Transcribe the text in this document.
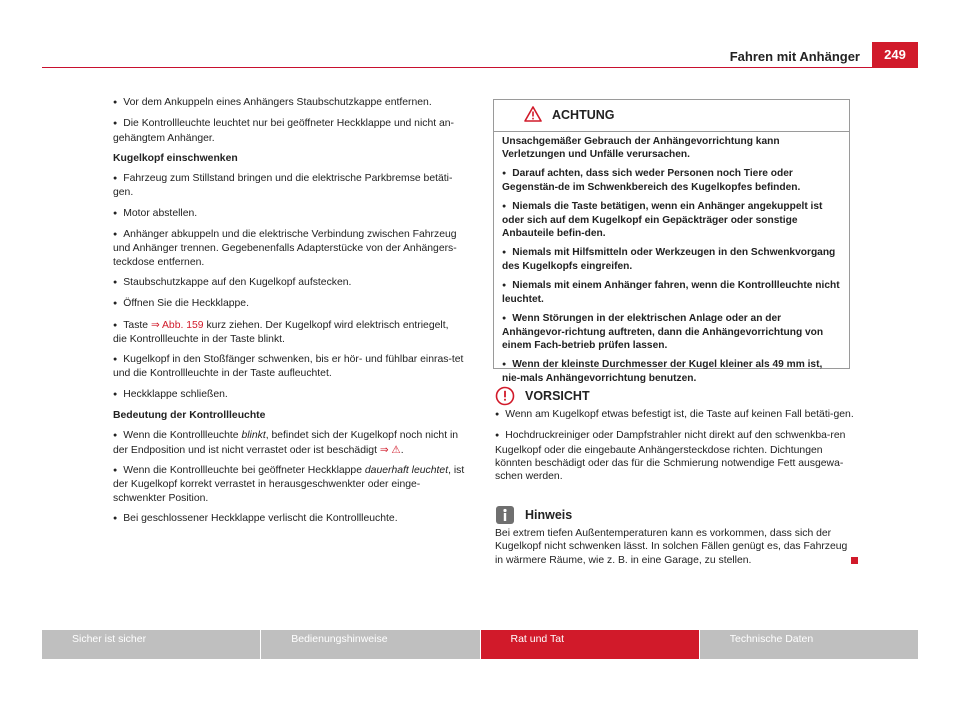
Fahren mit Anhänger	249

● Vor dem Ankuppeln eines Anhängers Staubschutzkappe entfernen.

● Die Kontrollleuchte leuchtet nur bei geöffneter Heckklappe und nicht an-gehängtem Anhänger.

Kugelkopf einschwenken

● Fahrzeug zum Stillstand bringen und die elektrische Parkbremse betäti-gen.

● Motor abstellen.

● Anhänger abkuppeln und die elektrische Verbindung zwischen Fahrzeug und Anhänger trennen. Gegebenenfalls Adapterstücke von der Anhängers-teckdose entfernen.

● Staubschutzkappe auf den Kugelkopf aufstecken.

● Öffnen Sie die Heckklappe.

● Taste ⇒ Abb. 159 kurz ziehen. Der Kugelkopf wird elektrisch entriegelt, die Kontrollleuchte in der Taste blinkt.

● Kugelkopf in den Stoßfänger schwenken, bis er hör- und fühlbar einras-tet und die Kontrollleuchte in der Taste aufleuchtet.

● Heckklappe schließen.

Bedeutung der Kontrollleuchte

● Wenn die Kontrollleuchte blinkt, befindet sich der Kugelkopf noch nicht in der Endposition und ist nicht verrastet oder ist beschädigt ⇒ ⚠.

● Wenn die Kontrollleuchte bei geöffneter Heckklappe dauerhaft leuchtet, ist der Kugelkopf korrekt verrastet in herausgeschwenkter oder einge-schwenkter Position.

● Bei geschlossener Heckklappe verlischt die Kontrollleuchte.

ACHTUNG

Unsachgemäßer Gebrauch der Anhängevorrichtung kann Verletzungen und Unfälle verursachen.

● Darauf achten, dass sich weder Personen noch Tiere oder Gegenstän-de im Schwenkbereich des Kugelkopfes befinden.

● Niemals die Taste betätigen, wenn ein Anhänger angekuppelt ist oder sich auf dem Kugelkopf ein Gepäckträger oder sonstige Anbauteile befin-den.

● Niemals mit Hilfsmitteln oder Werkzeugen in den Schwenkvorgang des Kugelkopfs eingreifen.

● Niemals mit einem Anhänger fahren, wenn die Kontrollleuchte nicht leuchtet.

● Wenn Störungen in der elektrischen Anlage oder an der Anhängevor-richtung auftreten, dann die Anhängevorrichtung von einem Fach-betrieb prüfen lassen.

● Wenn der kleinste Durchmesser der Kugel kleiner als 49 mm ist, nie-mals Anhängevorrichtung benutzen.

VORSICHT

● Wenn am Kugelkopf etwas befestigt ist, die Taste auf keinen Fall betäti-gen.

● Hochdruckreiniger oder Dampfstrahler nicht direkt auf den schwenkba-ren Kugelkopf oder die eingebaute Anhängersteckdose richten. Dichtungen könnten beschädigt oder das für die Schmierung notwendige Fett ausgewa-schen werden.

Hinweis

Bei extrem tiefen Außentemperaturen kann es vorkommen, dass sich der Kugelkopf nicht schwenken lässt. In solchen Fällen genügt es, das Fahrzeug in wärmere Räume, wie z. B. in eine Garage, zu stellen.

Sicher ist sicher	Bedienungshinweise	Rat und Tat	Technische Daten
